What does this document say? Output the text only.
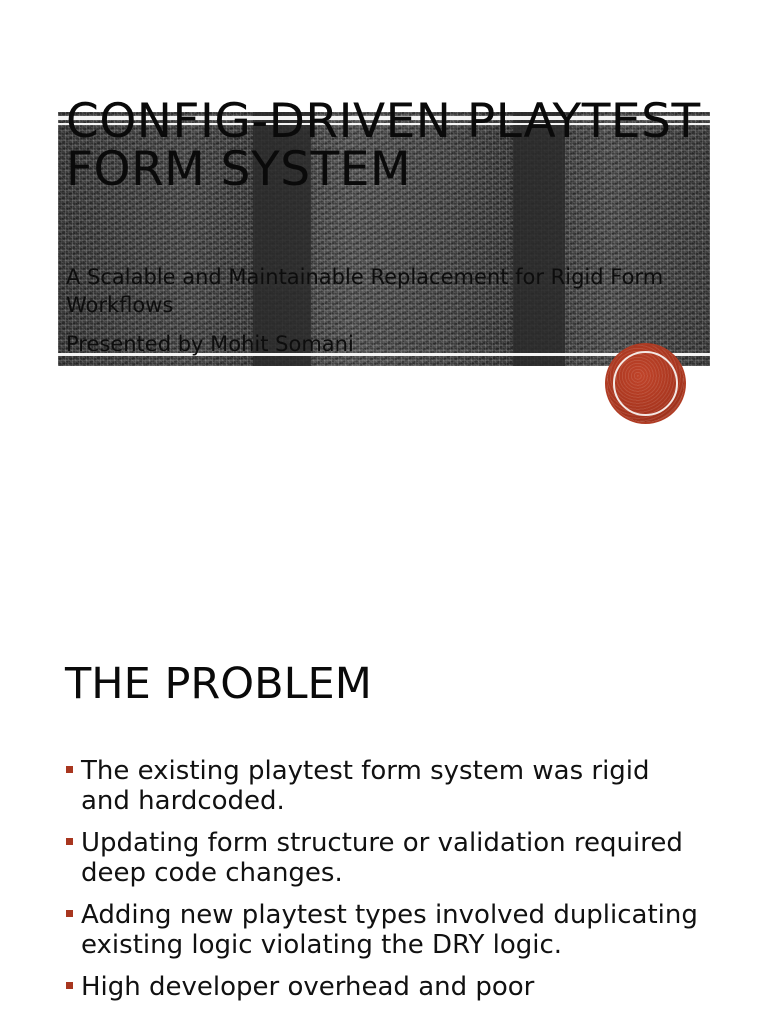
CONFIG-DRIVEN PLAYTEST FORM SYSTEM

A Scalable and Maintainable Replacement for Rigid Form Workflows

Presented by Mohit Somani

THE PROBLEM
The existing playtest form system was rigid and hardcoded.
Updating form structure or validation required deep code changes.
Adding new playtest types involved duplicating existing logic violating the DRY logic.
High developer overhead and poor
